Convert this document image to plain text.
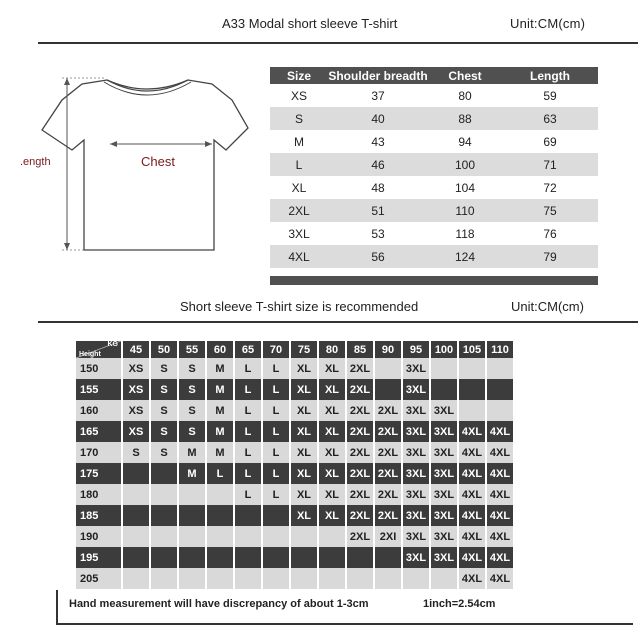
A33 Modal short sleeve T-shirt	Unit:CM(cm)
Chest
.ength
Size	Shoulder breadth	Chest	Length
XS	37	80	59
S	40	88	63
M	43	94	69
L	46	100	71
XL	48	104	72
2XL	51	110	75
3XL	53	118	76
4XL	56	124	79
Short sleeve T-shirt size is recommended	Unit:CM(cm)
KG
Height	45	50	55	60	65	70	75	80	85	90	95	100	105	110
150	XS	S	S	M	L	L	XL	XL	2XL		3XL			
155	XS	S	S	M	L	L	XL	XL	2XL		3XL			
160	XS	S	S	M	L	L	XL	XL	2XL	2XL	3XL	3XL		
165	XS	S	S	M	L	L	XL	XL	2XL	2XL	3XL	3XL	4XL	4XL
170	S	S	M	M	L	L	XL	XL	2XL	2XL	3XL	3XL	4XL	4XL
175			M	L	L	L	XL	XL	2XL	2XL	3XL	3XL	4XL	4XL
180					L	L	XL	XL	2XL	2XL	3XL	3XL	4XL	4XL
185							XL	XL	2XL	2XL	3XL	3XL	4XL	4XL
190									2XL	2XI	3XL	3XL	4XL	4XL
195											3XL	3XL	4XL	4XL
205													4XL	4XL
Hand measurement will have discrepancy of about 1-3cm	1inch=2.54cm
